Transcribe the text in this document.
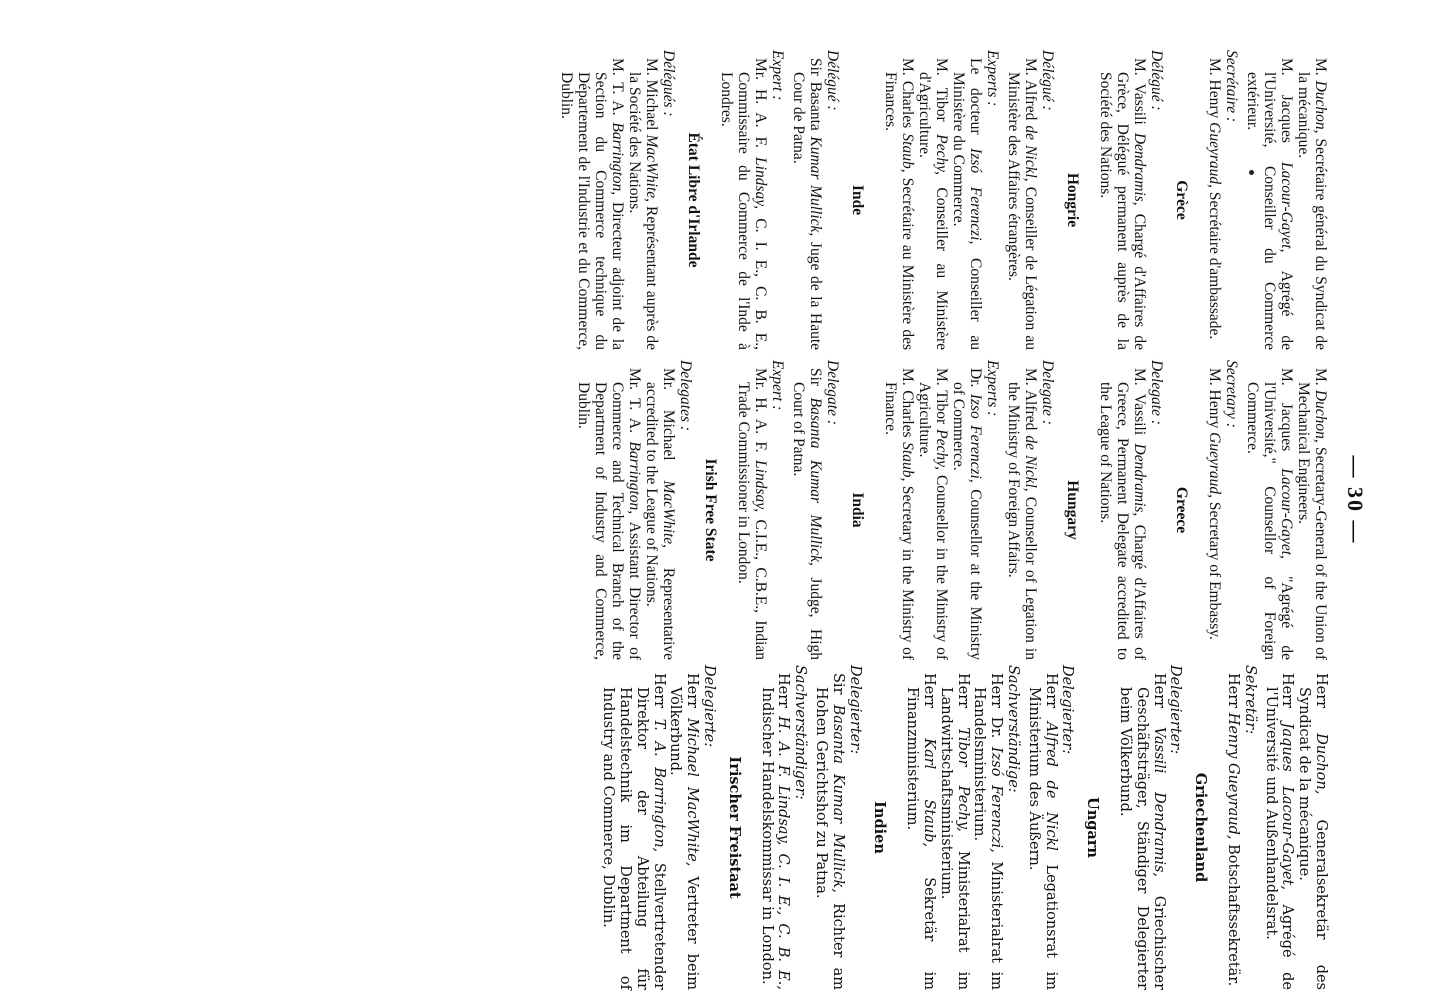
— 30 —

M. Duchon, Secrétaire général du Syndicat de la mécanique.

M. Jacques Lacour-Gayet, Agrégé de l'Université, Conseiller du Commerce extérieur.

Secrétaire :

M. Henry Gueyraud, Secrétaire d'ambassade.

Grèce
Délégué :

M. Vassili Dendramis, Chargé d'Affaires de Grèce, Délégué permanent auprès de la Société des Nations.

Hongrie
Délégué :

M. Alfred de Nickl, Conseiller de Légation au Ministère des Affaires étrangères.

Experts :

Le docteur Izsó Ferenczi, Conseiller au Ministère du Commerce.

M. Tibor Pechy, Conseiller au Ministère d'Agriculture.

M. Charles Staub, Secrétaire au Ministère des Finances.

Inde
Délégué :

Sir Basanta Kumar Mullick, Juge de la Haute Cour de Patna.

Expert :

Mr. H. A. F. Lindsay, C. I. E., C. B. E., Commissaire du Commerce de l'Inde à Londres.

État Libre d'Irlande
Délégués :

M. Michael MacWhite, Représentant auprès de la Société des Nations.

M. T. A. Barrington, Directeur adjoint de la Section du Commerce technique du Département de l'Industrie et du Commerce, Dublin.

M. Duchon, Secretary-General of the Union of Mechanical Engineers.

M. Jacques Lacour-Gayet, "Agrégé de l'Université," Counsellor of Foreign Commerce.

Secretary :

M. Henry Gueyraud, Secretary of Embassy.

Greece
Delegate :

M. Vassili Dendramis, Chargé d'Affaires of Greece, Permanent Delegate accredited to the League of Nations.

Hungary
Delegate :

M. Alfred de Nickl, Counsellor of Legation in the Ministry of Foreign Affairs.

Experts :

Dr. Izso Ferenczi, Counsellor at the Ministry of Commerce.

M. Tibor Pechy, Counsellor in the Ministry of Agriculture.

M. Charles Staub, Secretary in the Ministry of Finance.

India
Delegate :

Sir Basanta Kumar Mullick, Judge, High Court of Patna.

Expert :

Mr. H. A. F. Lindsay, C.I.E., C.B.E., Indian Trade Commissioner in London.

Irish Free State
Delegates :

Mr. Michael MacWhite, Representative accredited to the League of Nations.

Mr. T. A. Barrington, Assistant Director of Commerce and Technical Branch of the Department of Industry and Commerce, Dublin.

Herr Duchon, Generalsekretär des Syndicat de la mécanique.

Herr Jaques Lacour-Gayet, Agrégé de l'Université und Außenhandelsrat.

Sekretär:

Herr Henry Gueyraud, Botschaftssekretär.

Griechenland
Delegierter:

Herr Vassili Dendramis, Griechischer Geschäftsträger, Ständiger Delegierter beim Völkerbund.

Ungarn
Delegierter:

Herr Alfred de Nickl Legationsrat im Ministerium des Äußern.

Sachverständige:

Herr Dr. Izsó Ferenczi, Ministerialrat im Handelsministerium.

Herr Tibor Pechy, Ministerialrat im Landwirtschaftsministerium.

Herr Karl Staub, Sekretär im Finanzministerium.

Indien
Delegierter:

Sir Basanta Kumar Mullick, Richter am Hohen Gerichtshof zu Patna.

Sachverständiger:

Herr H. A. F. Lindsay, C. I. E., C. B. E., Indischer Handelskommissar in London.

Irischer Freistaat
Delegierte:

Herr Michael MacWhite, Vertreter beim Völkerbund.

Herr T. A. Barrington, Stellvertretender Direktor der Abteilung für Handelstechnik im Department of Industry and Commerce, Dublin.
